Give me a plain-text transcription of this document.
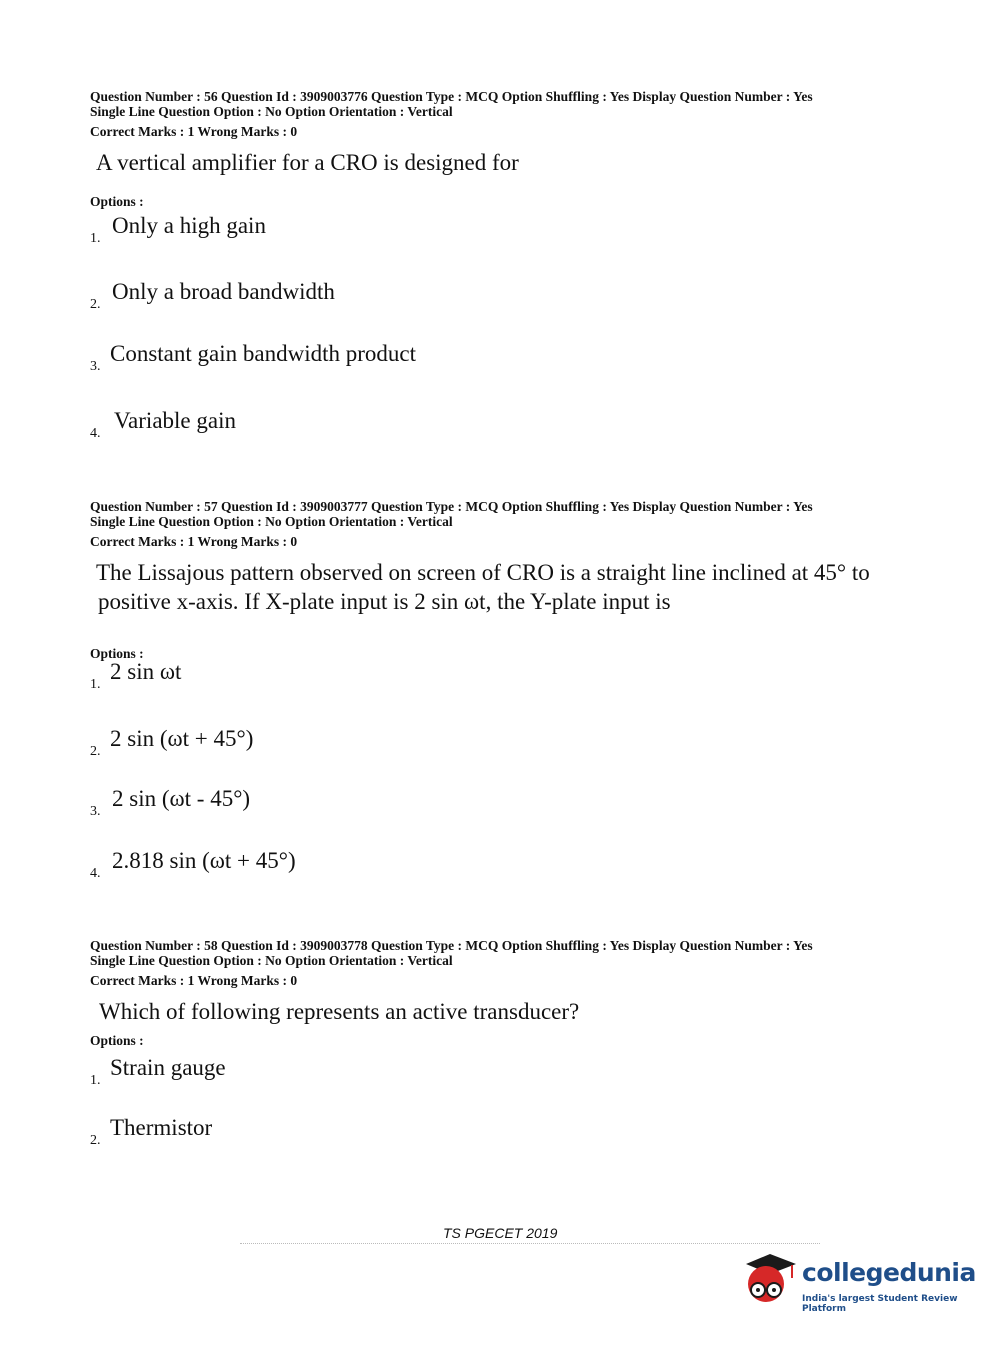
Question Number : 56 Question Id : 3909003776 Question Type : MCQ Option Shuffling : Yes Display Question Number : Yes
Single Line Question Option : No Option Orientation : Vertical
Correct Marks : 1 Wrong Marks : 0
A vertical amplifier for a CRO is designed for
Options :
1.
Only a high gain
2.
Only a broad bandwidth
3.
Constant gain bandwidth product
4.
Variable gain
Question Number : 57 Question Id : 3909003777 Question Type : MCQ Option Shuffling : Yes Display Question Number : Yes
Single Line Question Option : No Option Orientation : Vertical
Correct Marks : 1 Wrong Marks : 0
The Lissajous pattern observed on screen of CRO is a straight line inclined at 45° to
positive x-axis. If X-plate input is 2 sin ωt, the Y-plate input is
Options :
1.
2 sin ωt
2.
2 sin (ωt + 45°)
3.
2 sin (ωt - 45°)
4.
2.818 sin (ωt + 45°)
Question Number : 58 Question Id : 3909003778 Question Type : MCQ Option Shuffling : Yes Display Question Number : Yes
Single Line Question Option : No Option Orientation : Vertical
Correct Marks : 1 Wrong Marks : 0
Which of following represents an active transducer?
Options :
1.
Strain gauge
2.
Thermistor
TS PGECET 2019
collegedunia
India's largest Student Review Platform
